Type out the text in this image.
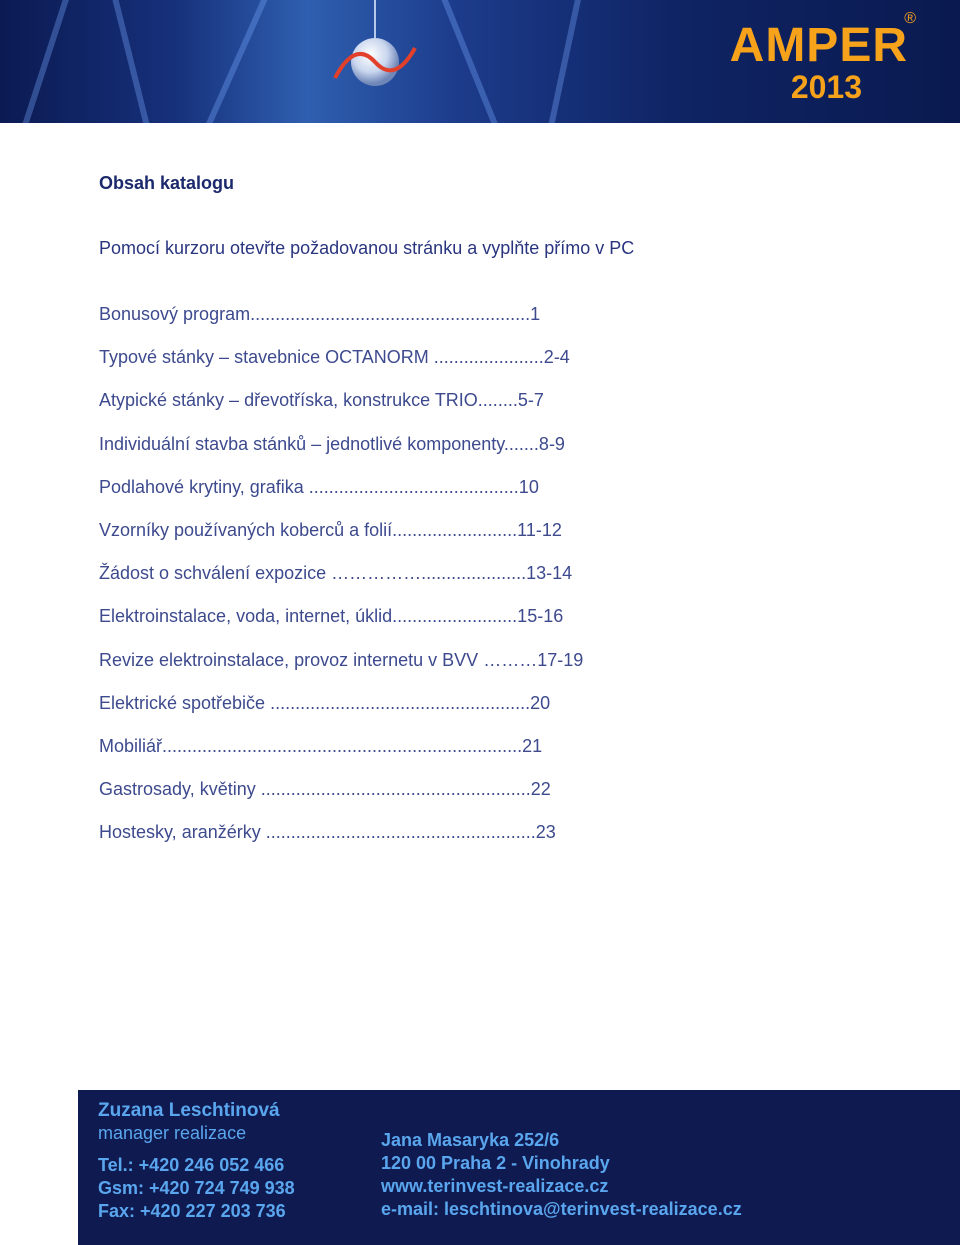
®
AMPER
2013
Obsah katalogu

Pomocí kurzoru otevřte požadovanou stránku a vyplňte přímo v PC

Bonusový program........................................................1
Typové stánky – stavebnice OCTANORM ......................2-4
Atypické stánky – dřevotříska, konstrukce TRIO........5-7
Individuální stavba stánků – jednotlivé komponenty.......8-9
Podlahové krytiny, grafika ..........................................10
Vzorníky používaných koberců a folií.........................11-12
Žádost o schválení expozice …………….....................13-14
Elektroinstalace, voda, internet, úklid.........................15-16
Revize elektroinstalace, provoz internetu v BVV ………17-19
Elektrické spotřebiče ....................................................20
Mobiliář........................................................................21
Gastrosady, květiny ......................................................22
Hostesky, aranžérky ......................................................23
Zuzana Leschtinová
manager realizace
Tel.: +420 246 052 466
Gsm: +420 724 749 938
Fax: +420 227 203 736
Jana Masaryka 252/6
120 00 Praha 2 - Vinohrady
www.terinvest-realizace.cz
e-mail: leschtinova@terinvest-realizace.cz
